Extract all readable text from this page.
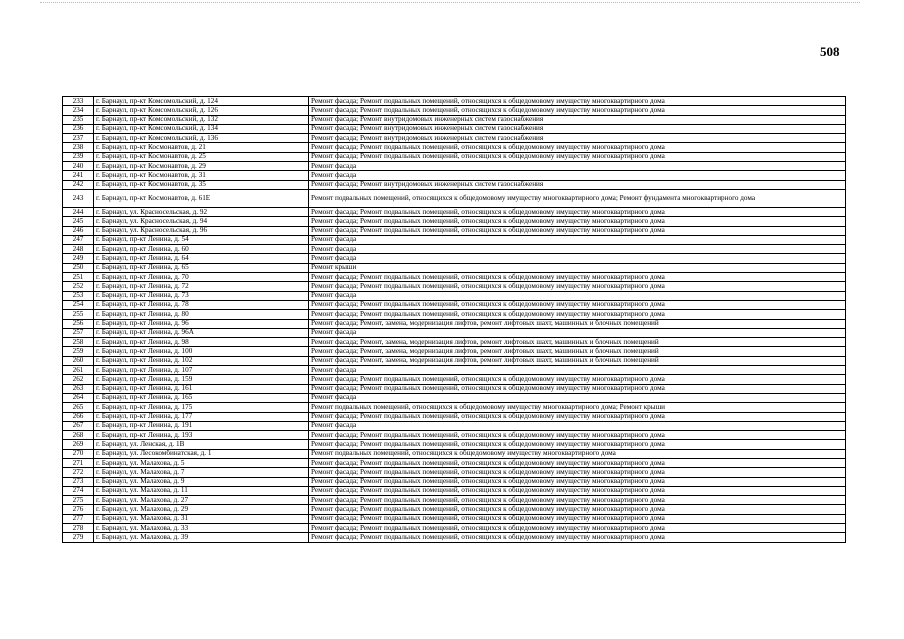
508
233	г. Барнаул, пр-кт Комсомольский, д. 124	Ремонт фасада; Ремонт подвальных помещений, относящихся к общедомовому имуществу многоквартирного дома
234	г. Барнаул, пр-кт Комсомольский, д. 126	Ремонт фасада; Ремонт подвальных помещений, относящихся к общедомовому имуществу многоквартирного дома
235	г. Барнаул, пр-кт Комсомольский, д. 132	Ремонт фасада; Ремонт внутридомовых инженерных систем газоснабжения
236	г. Барнаул, пр-кт Комсомольский, д. 134	Ремонт фасада; Ремонт внутридомовых инженерных систем газоснабжения
237	г. Барнаул, пр-кт Комсомольский, д. 136	Ремонт фасада; Ремонт внутридомовых инженерных систем газоснабжения
238	г. Барнаул, пр-кт Космонавтов, д. 21	Ремонт фасада; Ремонт подвальных помещений, относящихся к общедомовому имуществу многоквартирного дома
239	г. Барнаул, пр-кт Космонавтов, д. 25	Ремонт фасада; Ремонт подвальных помещений, относящихся к общедомовому имуществу многоквартирного дома
240	г. Барнаул, пр-кт Космонавтов, д. 29	Ремонт фасада
241	г. Барнаул, пр-кт Космонавтов, д. 31	Ремонт фасада
242	г. Барнаул, пр-кт Космонавтов, д. 35	Ремонт фасада; Ремонт внутридомовых инженерных систем газоснабжения
243	г. Барнаул, пр-кт Космонавтов, д. 61Е	Ремонт подвальных помещений, относящихся к общедомовому имуществу многоквартирного дома; Ремонт фундамента многоквартирного дома
244	г. Барнаул, ул. Красносельская, д. 92	Ремонт фасада; Ремонт подвальных помещений, относящихся к общедомовому имуществу многоквартирного дома
245	г. Барнаул, ул. Красносельская, д. 94	Ремонт фасада; Ремонт подвальных помещений, относящихся к общедомовому имуществу многоквартирного дома
246	г. Барнаул, ул. Красносельская, д. 96	Ремонт фасада; Ремонт подвальных помещений, относящихся к общедомовому имуществу многоквартирного дома
247	г. Барнаул, пр-кт Ленина, д. 54	Ремонт фасада
248	г. Барнаул, пр-кт Ленина, д. 60	Ремонт фасада
249	г. Барнаул, пр-кт Ленина, д. 64	Ремонт фасада
250	г. Барнаул, пр-кт Ленина, д. 65	Ремонт крыши
251	г. Барнаул, пр-кт Ленина, д. 70	Ремонт фасада; Ремонт подвальных помещений, относящихся к общедомовому имуществу многоквартирного дома
252	г. Барнаул, пр-кт Ленина, д. 72	Ремонт фасада; Ремонт подвальных помещений, относящихся к общедомовому имуществу многоквартирного дома
253	г. Барнаул, пр-кт Ленина, д. 73	Ремонт фасада
254	г. Барнаул, пр-кт Ленина, д. 78	Ремонт фасада; Ремонт подвальных помещений, относящихся к общедомовому имуществу многоквартирного дома
255	г. Барнаул, пр-кт Ленина, д. 80	Ремонт фасада; Ремонт подвальных помещений, относящихся к общедомовому имуществу многоквартирного дома
256	г. Барнаул, пр-кт Ленина, д. 96	Ремонт фасада; Ремонт, замена, модернизация лифтов, ремонт лифтовых шахт, машинных и блочных помещений
257	г. Барнаул, пр-кт Ленина, д. 96А	Ремонт фасада
258	г. Барнаул, пр-кт Ленина, д. 98	Ремонт фасада; Ремонт, замена, модернизация лифтов, ремонт лифтовых шахт, машинных и блочных помещений
259	г. Барнаул, пр-кт Ленина, д. 100	Ремонт фасада; Ремонт, замена, модернизация лифтов, ремонт лифтовых шахт, машинных и блочных помещений
260	г. Барнаул, пр-кт Ленина, д. 102	Ремонт фасада; Ремонт, замена, модернизация лифтов, ремонт лифтовых шахт, машинных и блочных помещений
261	г. Барнаул, пр-кт Ленина, д. 107	Ремонт фасада
262	г. Барнаул, пр-кт Ленина, д. 159	Ремонт фасада; Ремонт подвальных помещений, относящихся к общедомовому имуществу многоквартирного дома
263	г. Барнаул, пр-кт Ленина, д. 161	Ремонт фасада; Ремонт подвальных помещений, относящихся к общедомовому имуществу многоквартирного дома
264	г. Барнаул, пр-кт Ленина, д. 165	Ремонт фасада
265	г. Барнаул, пр-кт Ленина, д. 175	Ремонт подвальных помещений, относящихся к общедомовому имуществу многоквартирного дома; Ремонт крыши
266	г. Барнаул, пр-кт Ленина, д. 177	Ремонт фасада; Ремонт подвальных помещений, относящихся к общедомовому имуществу многоквартирного дома
267	г. Барнаул, пр-кт Ленина, д. 191	Ремонт фасада
268	г. Барнаул, пр-кт Ленина, д. 193	Ремонт фасада; Ремонт подвальных помещений, относящихся к общедомовому имуществу многоквартирного дома
269	г. Барнаул, ул. Ленская, д. 1В	Ремонт фасада; Ремонт подвальных помещений, относящихся к общедомовому имуществу многоквартирного дома
270	г. Барнаул, ул. Лесокомбинатская, д. 1	Ремонт подвальных помещений, относящихся к общедомовому имуществу многоквартирного дома
271	г. Барнаул, ул. Малахова, д. 5	Ремонт фасада; Ремонт подвальных помещений, относящихся к общедомовому имуществу многоквартирного дома
272	г. Барнаул, ул. Малахова, д. 7	Ремонт фасада; Ремонт подвальных помещений, относящихся к общедомовому имуществу многоквартирного дома
273	г. Барнаул, ул. Малахова, д. 9	Ремонт фасада; Ремонт подвальных помещений, относящихся к общедомовому имуществу многоквартирного дома
274	г. Барнаул, ул. Малахова, д. 11	Ремонт фасада; Ремонт подвальных помещений, относящихся к общедомовому имуществу многоквартирного дома
275	г. Барнаул, ул. Малахова, д. 27	Ремонт фасада; Ремонт подвальных помещений, относящихся к общедомовому имуществу многоквартирного дома
276	г. Барнаул, ул. Малахова, д. 29	Ремонт фасада; Ремонт подвальных помещений, относящихся к общедомовому имуществу многоквартирного дома
277	г. Барнаул, ул. Малахова, д. 31	Ремонт фасада; Ремонт подвальных помещений, относящихся к общедомовому имуществу многоквартирного дома
278	г. Барнаул, ул. Малахова, д. 33	Ремонт фасада; Ремонт подвальных помещений, относящихся к общедомовому имуществу многоквартирного дома
279	г. Барнаул, ул. Малахова, д. 39	Ремонт фасада; Ремонт подвальных помещений, относящихся к общедомовому имуществу многоквартирного дома
